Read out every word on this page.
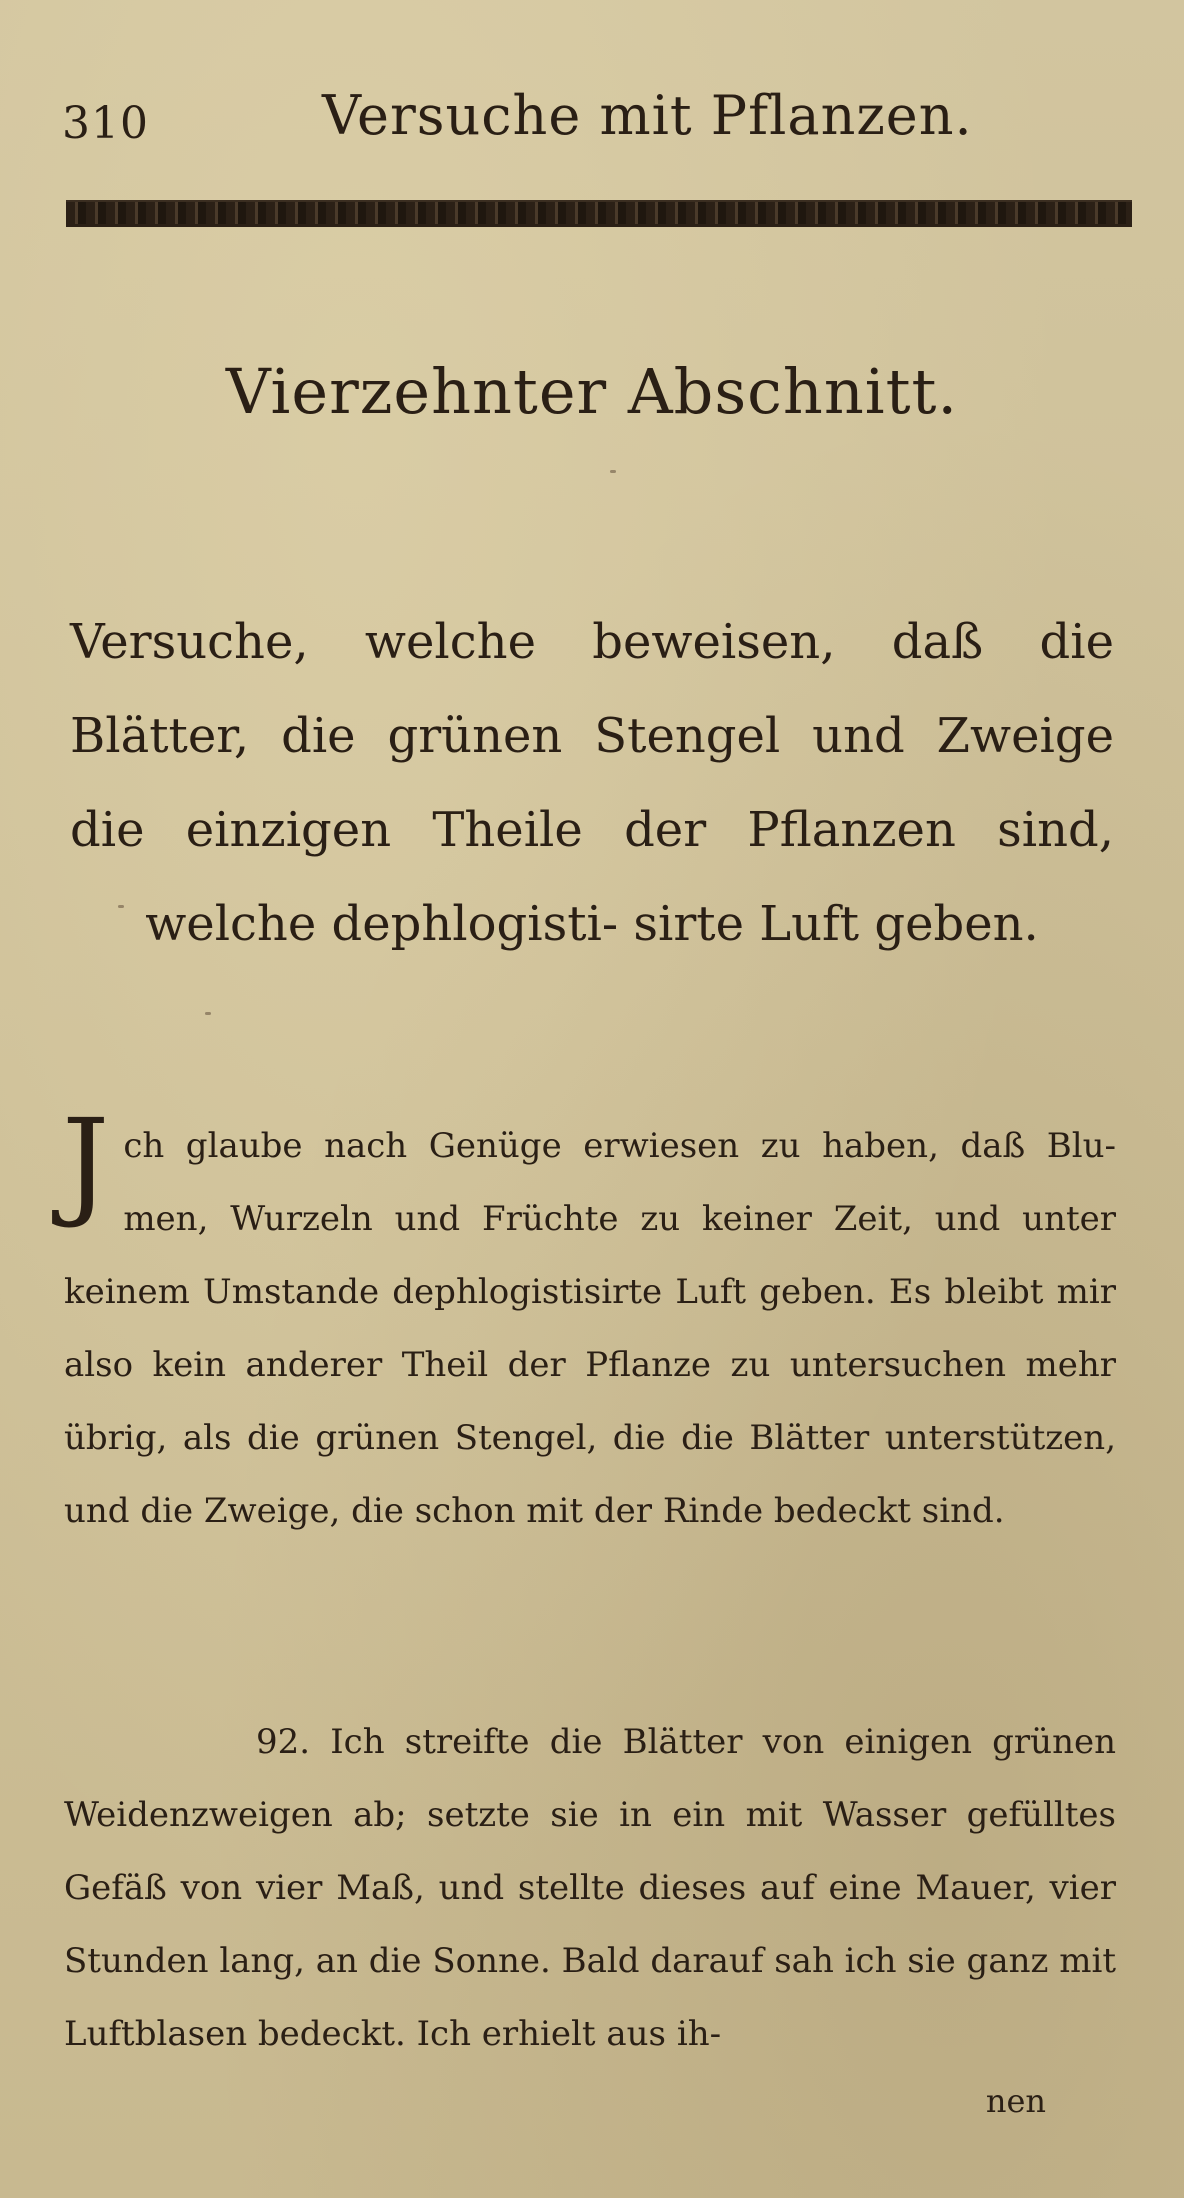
310	Versuche mit Pflanzen.
Vierzehnter Abschnitt.
Versuche, welche beweisen, daß die Blätter, die grünen Stengel und Zweige die einzigen Theile der Pflanzen sind, welche dephlogisti- sirte Luft geben.
J ch glaube nach Genüge erwiesen zu haben, daß Blu- men, Wurzeln und Früchte zu keiner Zeit, und unter keinem Umstande dephlogistisirte Luft geben. Es bleibt mir also kein anderer Theil der Pflanze zu untersuchen mehr übrig, als die grünen Stengel, die die Blätter unterstützen, und die Zweige, die schon mit der Rinde bedeckt sind.
92. Ich streifte die Blätter von einigen grünen Weidenzweigen ab; setzte sie in ein mit Wasser gefülltes Gefäß von vier Maß, und stellte dieses auf eine Mauer, vier Stunden lang, an die Sonne. Bald darauf sah ich sie ganz mit Luftblasen bedeckt. Ich erhielt aus ih-
nen
